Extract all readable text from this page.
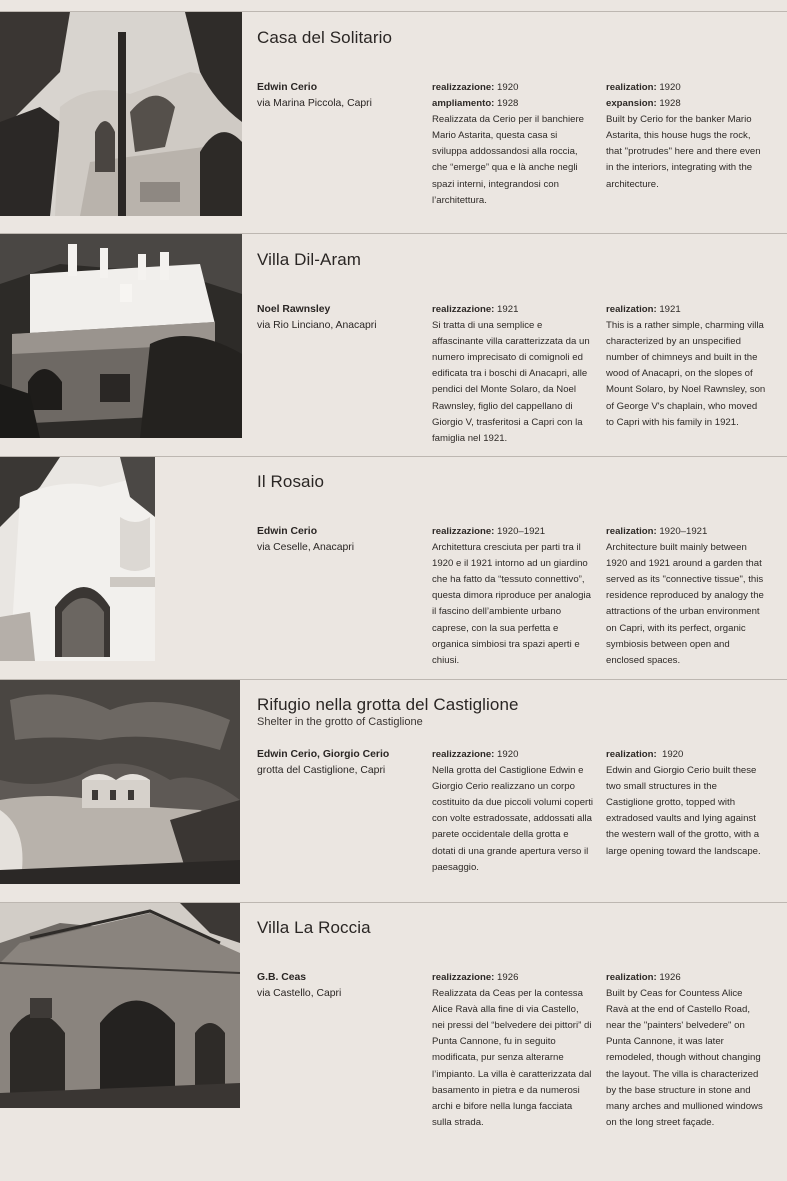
Casa del Solitario
Edwin Cerio
via Marina Piccola, Capri
realizzazione: 1920
ampliamento: 1928
Realizzata da Cerio per il banchiere Mario Astarita, questa casa si sviluppa addossandosi alla roccia, che “emerge” qua e là anche negli spazi interni, integrandosi con l’architettura.
realization: 1920
expansion: 1928
Built by Cerio for the banker Mario Astarita, this house hugs the rock, that "protrudes" here and there even in the interiors, integrating with the architecture.
Villa Dil-Aram
Noel Rawnsley
via Rio Linciano, Anacapri
realizzazione: 1921
Si tratta di una semplice e affascinante villa caratterizzata da un numero imprecisato di comignoli ed edificata tra i boschi di Anacapri, alle pendici del Monte Solaro, da Noel Rawnsley, figlio del cappellano di Giorgio V, trasferitosi a Capri con la famiglia nel 1921.
realization: 1921
This is a rather simple, charming villa characterized by an unspecified number of chimneys and built in the wood of Anacapri, on the slopes of Mount Solaro, by Noel Rawnsley, son of George V's chaplain, who moved to Capri with his family in 1921.
Il Rosaio
Edwin Cerio
via Ceselle, Anacapri
realizzazione: 1920–1921
Architettura cresciuta per parti tra il 1920 e il 1921 intorno ad un giardino che ha fatto da “tessuto connettivo”, questa dimora riproduce per analogia il fascino dell’ambiente urbano caprese, con la sua perfetta e organica simbiosi tra spazi aperti e chiusi.
realization: 1920–1921
Architecture built mainly between 1920 and 1921 around a garden that served as its "connective tissue", this residence reproduced by analogy the attractions of the urban environment on Capri, with its perfect, organic symbiosis between open and enclosed spaces.
Rifugio nella grotta del Castiglione
Shelter in the grotto of Castiglione
Edwin Cerio, Giorgio Cerio
grotta del Castiglione, Capri
realizzazione: 1920
Nella grotta del Castiglione Edwin e Giorgio Cerio realizzano un corpo costituito da due piccoli volumi coperti con volte estradossate, addossati alla parete occidentale della grotta e dotati di una grande apertura verso il paesaggio.
realization:  1920
Edwin and Giorgio Cerio built these two small structures in the Castiglione grotto, topped with extradosed vaults and lying against the western wall of the grotto, with a large opening toward the landscape.
Villa La Roccia
G.B. Ceas
via Castello, Capri
realizzazione: 1926
Realizzata da Ceas per la contessa Alice Ravà alla fine di via Castello, nei pressi del “belvedere dei pittori” di Punta Cannone, fu in seguito modificata, pur senza alterarne l’impianto. La villa è caratterizzata dal basamento in pietra e da numerosi archi e bifore nella lunga facciata sulla strada.
realization: 1926
Built by Ceas for Countess Alice Ravà at the end of Castello Road, near the "painters' belvedere" on Punta Cannone, it was later remodeled, though without changing the layout. The villa is characterized by the base structure in stone and many arches and mullioned windows on the long street façade.
